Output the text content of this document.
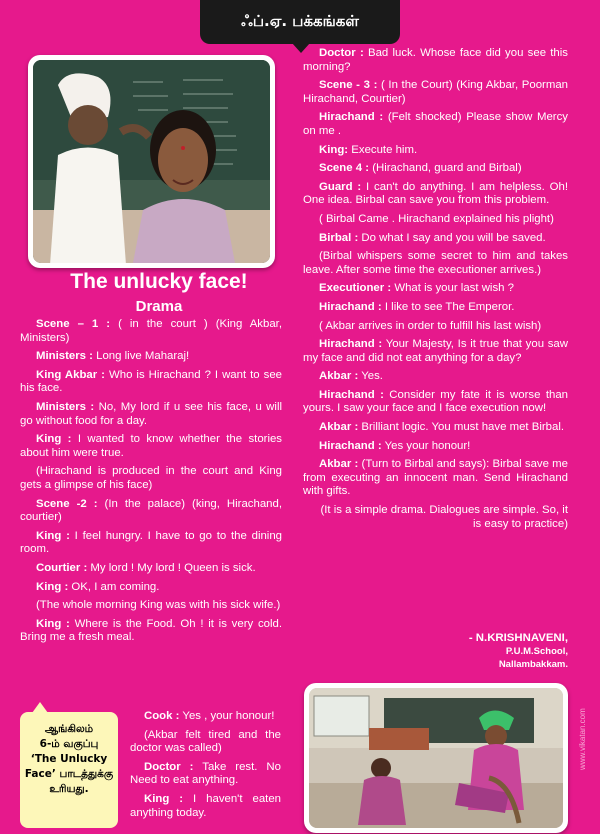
ஃப்.ஏ. பக்கங்கள்
The unlucky face!
Drama

Scene – 1 : ( in the court ) (King Akbar, Ministers)

Ministers : Long live Maharaj!

King Akbar : Who is Hirachand ? I want to see his face.

Ministers : No, My lord if u see his face, u will go without food for a day.

King : I wanted to know whether the stories about him were true.

(Hirachand is produced in the court and King gets a glimpse of his face)

Scene -2 : (In the palace) (king, Hirachand, courtier)

King : I feel hungry. I have to go to the dining room.

Courtier : My lord ! My lord ! Queen is sick.

King : OK, I am coming.

(The whole morning King was with his sick wife.)

King : Where is the Food. Oh ! it is very cold. Bring me a fresh meal.

ஆங்கிலம்
6-ம் வகுப்பு
‘The Unlucky
Face’ பாடத்துக்கு
உரியது.

Cook : Yes , your honour!

(Akbar felt tired and the doctor was called)

Doctor : Take rest. No Need to eat anything.

King : I haven't eaten anything today.

Doctor : Bad luck. Whose face did you see this morning?

Scene - 3 : ( In the Court) (King Akbar, Poorman Hirachand, Courtier)

Hirachand : (Felt shocked) Please show Mercy on me .

King: Execute him.

Scene 4 : (Hirachand, guard and Birbal)

Guard : I can't do anything. I am helpless. Oh! One idea. Birbal can save you from this problem.

( Birbal Came . Hirachand explained his plight)

Birbal : Do what I say and you will be saved.

(Birbal whispers some secret to him and takes leave. After some time the executioner arrives.)

Executioner : What is your last wish ?

Hirachand : I like to see The Emperor.

( Akbar arrives in order to fulfill his last wish)

Hirachand : Your Majesty, Is it true that you saw my face and did not eat anything for a day?

Akbar : Yes.

Hirachand : Consider my fate it is worse than yours. I saw your face and I face execution now!

Akbar : Brilliant logic. You must have met Birbal.

Hirachand : Yes your honour!

Akbar : (Turn to Birbal and says): Birbal save me from executing an innocent man. Send Hirachand with gifts.

(It is a simple drama. Dialogues are simple. So, it is easy to practice)

- N.KRISHNAVENI,
P.U.M.School,
Nallambakkam.
www.vikatan.com
